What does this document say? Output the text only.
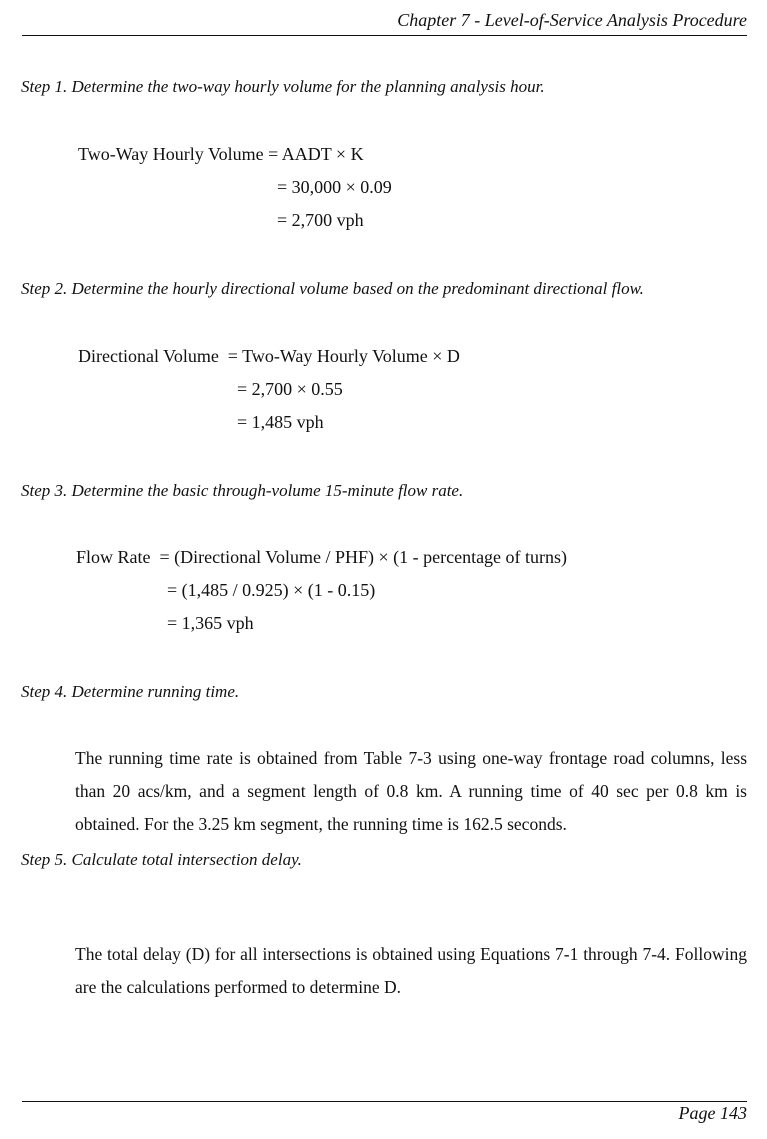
Chapter 7 - Level-of-Service Analysis Procedure
Step 1. Determine the two-way hourly volume for the planning analysis hour.
Two-Way Hourly Volume = AADT × K
= 30,000 × 0.09
= 2,700 vph
Step 2. Determine the hourly directional volume based on the predominant directional flow.
Directional Volume  = Two-Way Hourly Volume × D
= 2,700 × 0.55
= 1,485 vph
Step 3. Determine the basic through-volume 15-minute flow rate.
Flow Rate  = (Directional Volume / PHF) × (1 - percentage of turns)
= (1,485 / 0.925) × (1 - 0.15)
= 1,365 vph
Step 4. Determine running time.
The running time rate is obtained from Table 7-3 using one-way frontage road columns, less than 20 acs/km, and a segment length of 0.8 km. A running time of 40 sec per 0.8 km is obtained. For the 3.25 km segment, the running time is 162.5 seconds.
Step 5. Calculate total intersection delay.
The total delay (D) for all intersections is obtained using Equations 7-1 through 7-4. Following are the calculations performed to determine D.
Page 143
